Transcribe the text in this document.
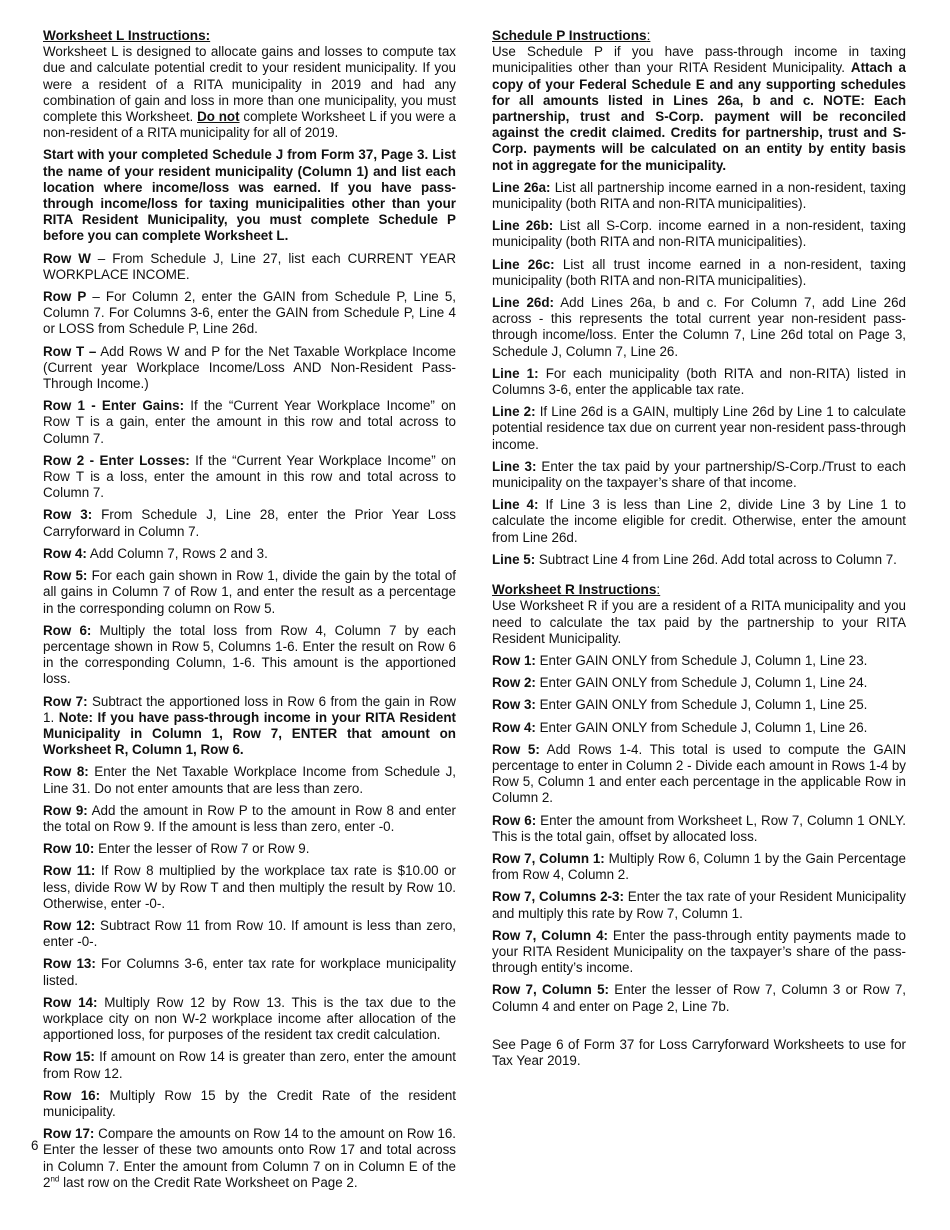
Worksheet L Instructions:

Worksheet L is designed to allocate gains and losses to compute tax due and calculate potential credit to your resident municipality. If you were a resident of a RITA municipality in 2019 and had any combination of gain and loss in more than one municipality, you must complete this Worksheet. Do not complete Worksheet L if you were a non-resident of a RITA municipality for all of 2019.

Start with your completed Schedule J from Form 37, Page 3. List the name of your resident municipality (Column 1) and list each location where income/loss was earned. If you have pass-through income/loss for taxing municipalities other than your RITA Resident Municipality, you must complete Schedule P before you can complete Worksheet L.

Row W – From Schedule J, Line 27, list each CURRENT YEAR WORKPLACE INCOME.

Row P – For Column 2, enter the GAIN from Schedule P, Line 5, Column 7. For Columns 3-6, enter the GAIN from Schedule P, Line 4 or LOSS from Schedule P, Line 26d.

Row T – Add Rows W and P for the Net Taxable Workplace Income (Current year Workplace Income/Loss AND Non-Resident Pass-Through Income.)

Row 1 - Enter Gains: If the “Current Year Workplace Income” on Row T is a gain, enter the amount in this row and total across to Column 7.

Row 2 - Enter Losses: If the “Current Year Workplace Income” on Row T is a loss, enter the amount in this row and total across to Column 7.

Row 3: From Schedule J, Line 28, enter the Prior Year Loss Carryforward in Column 7.

Row 4: Add Column 7, Rows 2 and 3.

Row 5: For each gain shown in Row 1, divide the gain by the total of all gains in Column 7 of Row 1, and enter the result as a percentage in the corresponding column on Row 5.

Row 6: Multiply the total loss from Row 4, Column 7 by each percentage shown in Row 5, Columns 1-6. Enter the result on Row 6 in the corresponding Column, 1-6. This amount is the apportioned loss.

Row 7: Subtract the apportioned loss in Row 6 from the gain in Row 1. Note: If you have pass-through income in your RITA Resident Municipality in Column 1, Row 7, ENTER that amount on Worksheet R, Column 1, Row 6.

Row 8: Enter the Net Taxable Workplace Income from Schedule J, Line 31. Do not enter amounts that are less than zero.

Row 9: Add the amount in Row P to the amount in Row 8 and enter the total on Row 9. If the amount is less than zero, enter -0.

Row 10: Enter the lesser of Row 7 or Row 9.

Row 11: If Row 8 multiplied by the workplace tax rate is $10.00 or less, divide Row W by Row T and then multiply the result by Row 10. Otherwise, enter -0-.

Row 12: Subtract Row 11 from Row 10. If amount is less than zero, enter -0-.

Row 13: For Columns 3-6, enter tax rate for workplace municipality listed.

Row 14: Multiply Row 12 by Row 13. This is the tax due to the workplace city on non W-2 workplace income after allocation of the apportioned loss, for purposes of the resident tax credit calculation.

Row 15: If amount on Row 14 is greater than zero, enter the amount from Row 12.

Row 16: Multiply Row 15 by the Credit Rate of the resident municipality.

Row 17: Compare the amounts on Row 14 to the amount on Row 16. Enter the lesser of these two amounts onto Row 17 and total across in Column 7. Enter the amount from Column 7 on in Column E of the 2nd last row on the Credit Rate Worksheet on Page 2.

Schedule P Instructions:

Use Schedule P if you have pass-through income in taxing municipalities other than your RITA Resident Municipality. Attach a copy of your Federal Schedule E and any supporting schedules for all amounts listed in Lines 26a, b and c. NOTE: Each partnership, trust and S-Corp. payment will be reconciled against the credit claimed. Credits for partnership, trust and S-Corp. payments will be calculated on an entity by entity basis not in aggregate for the municipality.

Line 26a: List all partnership income earned in a non-resident, taxing municipality (both RITA and non-RITA municipalities).

Line 26b: List all S-Corp. income earned in a non-resident, taxing municipality (both RITA and non-RITA municipalities).

Line 26c: List all trust income earned in a non-resident, taxing municipality (both RITA and non-RITA municipalities).

Line 26d: Add Lines 26a, b and c. For Column 7, add Line 26d across - this represents the total current year non-resident pass-through income/loss. Enter the Column 7, Line 26d total on Page 3, Schedule J, Column 7, Line 26.

Line 1: For each municipality (both RITA and non-RITA) listed in Columns 3-6, enter the applicable tax rate.

Line 2: If Line 26d is a GAIN, multiply Line 26d by Line 1 to calculate potential residence tax due on current year non-resident pass-through income.

Line 3: Enter the tax paid by your partnership/S-Corp./Trust to each municipality on the taxpayer’s share of that income.

Line 4: If Line 3 is less than Line 2, divide Line 3 by Line 1 to calculate the income eligible for credit. Otherwise, enter the amount from Line 26d.

Line 5: Subtract Line 4 from Line 26d. Add total across to Column 7.

Worksheet R Instructions:

Use Worksheet R if you are a resident of a RITA municipality and you need to calculate the tax paid by the partnership to your RITA Resident Municipality.

Row 1: Enter GAIN ONLY from Schedule J, Column 1, Line 23.

Row 2: Enter GAIN ONLY from Schedule J, Column 1, Line 24.

Row 3: Enter GAIN ONLY from Schedule J, Column 1, Line 25.

Row 4: Enter GAIN ONLY from Schedule J, Column 1, Line 26.

Row 5: Add Rows 1-4. This total is used to compute the GAIN percentage to enter in Column 2 - Divide each amount in Rows 1-4 by Row 5, Column 1 and enter each percentage in the applicable Row in Column 2.

Row 6: Enter the amount from Worksheet L, Row 7, Column 1 ONLY. This is the total gain, offset by allocated loss.

Row 7, Column 1: Multiply Row 6, Column 1 by the Gain Percentage from Row 4, Column 2.

Row 7, Columns 2-3: Enter the tax rate of your Resident Municipality and multiply this rate by Row 7, Column 1.

Row 7, Column 4: Enter the pass-through entity payments made to your RITA Resident Municipality on the taxpayer’s share of the pass-through entity’s income.

Row 7, Column 5: Enter the lesser of Row 7, Column 3 or Row 7, Column 4 and enter on Page 2, Line 7b.

See Page 6 of Form 37 for Loss Carryforward Worksheets to use for Tax Year 2019.

6
